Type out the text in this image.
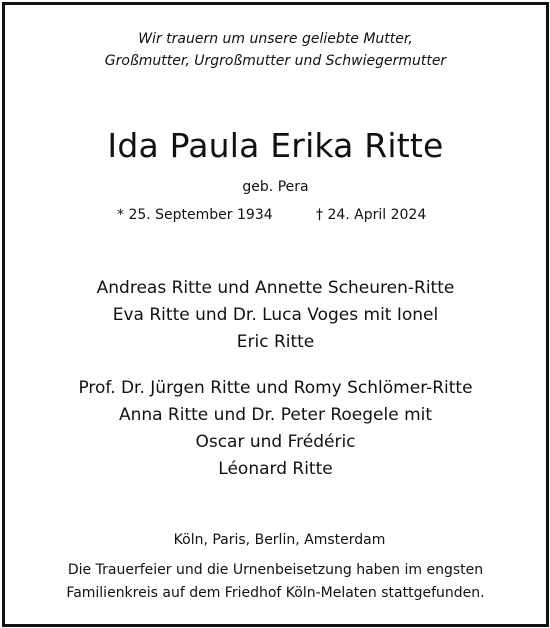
Wir trauern um unsere geliebte Mutter,
Großmutter, Urgroßmutter und Schwiegermutter
Ida Paula Erika Ritte
geb. Pera
* 25. September 1934	† 24. April 2024
Andreas Ritte und Annette Scheuren-Ritte
Eva Ritte und Dr. Luca Voges mit Ionel
Eric Ritte
Prof. Dr. Jürgen Ritte und Romy Schlömer-Ritte
Anna Ritte und Dr. Peter Roegele mit
Oscar und Frédéric
Léonard Ritte
Köln, Paris, Berlin, Amsterdam
Die Trauerfeier und die Urnenbeisetzung haben im engsten
Familienkreis auf dem Friedhof Köln-Melaten stattgefunden.
